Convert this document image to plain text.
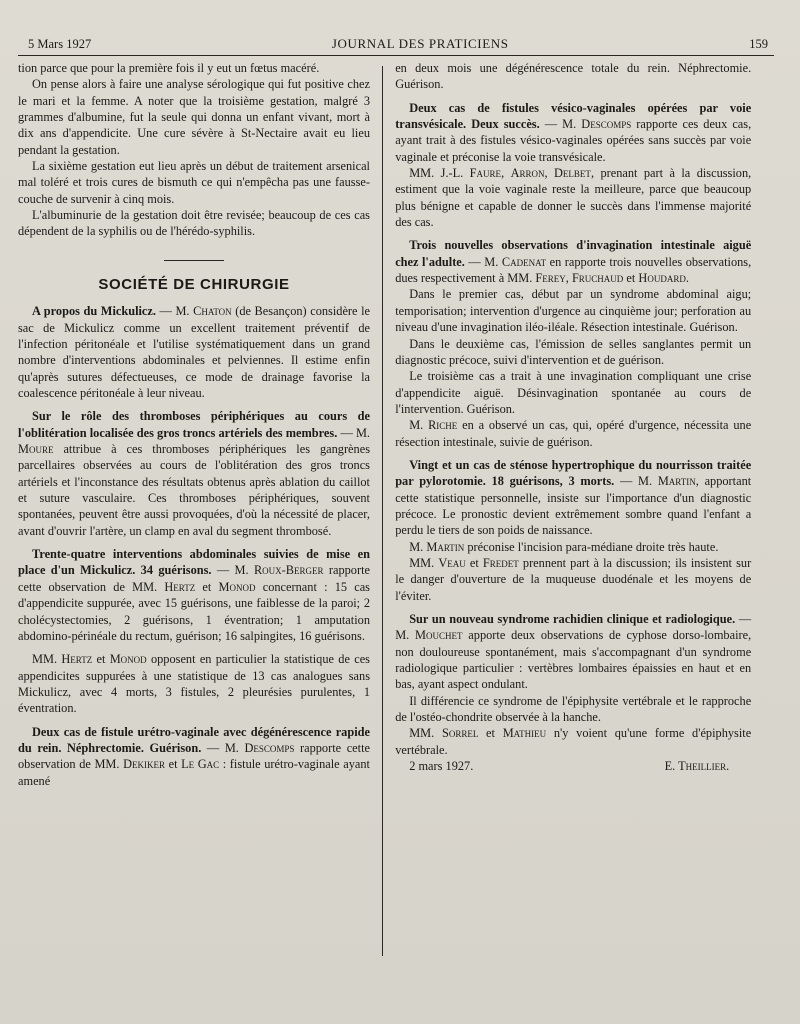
5 Mars 1927	JOURNAL DES PRATICIENS	159

tion parce que pour la première fois il y eut un fœtus macéré.

On pense alors à faire une analyse sérologique qui fut positive chez le mari et la femme. A noter que la troisième gestation, malgré 3 grammes d'albumine, fut la seule qui donna un enfant vivant, mort à dix ans d'appendicite. Une cure sévère à St-Nectaire avait eu lieu pendant la gestation.

La sixième gestation eut lieu après un début de traitement arsenical mal toléré et trois cures de bismuth ce qui n'empêcha pas une fausse-couche de survenir à cinq mois.

L'albuminurie de la gestation doit être revisée; beaucoup de ces cas dépendent de la syphilis ou de l'hérédo-syphilis.

SOCIÉTÉ DE CHIRURGIE

A propos du Mickulicz. — M. Chaton (de Besançon) considère le sac de Mickulicz comme un excellent traitement préventif de l'infection péritonéale et l'utilise systématiquement dans un grand nombre d'interventions abdominales et pelviennes. Il estime enfin qu'après sutures défectueuses, ce mode de drainage favorise la coalescence péritonéale à leur niveau.

Sur le rôle des thromboses périphériques au cours de l'oblitération localisée des gros troncs artériels des membres. — M. Moure attribue à ces thromboses périphériques les gangrènes parcellaires observées au cours de l'oblitération des gros troncs artériels et l'inconstance des résultats obtenus après ablation du caillot et suture vasculaire. Ces thromboses périphériques, souvent spontanées, peuvent être aussi provoquées, d'où la nécessité de placer, avant d'ouvrir l'artère, un clamp en aval du segment thrombosé.

Trente-quatre interventions abdominales suivies de mise en place d'un Mickulicz. 34 guérisons. — M. Roux-Berger rapporte cette observation de MM. Hertz et Monod concernant : 15 cas d'appendicite suppurée, avec 15 guérisons, une faiblesse de la paroi; 2 cholécystectomies, 2 guérisons, 1 éventration; 1 amputation abdomino-périnéale du rectum, guérison; 16 salpingites, 16 guérisons.

MM. Hertz et Monod opposent en particulier la statistique de ces appendicites suppurées à une statistique de 13 cas analogues sans Mickulicz, avec 4 morts, 3 fistules, 2 pleurésies purulentes, 1 éventration.

Deux cas de fistule urétro-vaginale avec dégénérescence rapide du rein. Néphrectomie. Guérison. — M. Descomps rapporte cette observation de MM. Dekiker et Le Gac : fistule urétro-vaginale ayant amené

en deux mois une dégénérescence totale du rein. Néphrectomie. Guérison.

Deux cas de fistules vésico-vaginales opérées par voie transvésicale. Deux succès. — M. Descomps rapporte ces deux cas, ayant trait à des fistules vésico-vaginales opérées sans succès par voie vaginale et préconise la voie transvésicale.

MM. J.-L. Faure, Arron, Delbet, prenant part à la discussion, estiment que la voie vaginale reste la meilleure, parce que beaucoup plus bénigne et capable de donner le succès dans l'immense majorité des cas.

Trois nouvelles observations d'invagination intestinale aiguë chez l'adulte. — M. Cadenat en rapporte trois nouvelles observations, dues respectivement à MM. Ferey, Fruchaud et Houdard.

Dans le premier cas, début par un syndrome abdominal aigu; temporisation; intervention d'urgence au cinquième jour; perforation au niveau d'une invagination iléo-iléale. Résection intestinale. Guérison.

Dans le deuxième cas, l'émission de selles sanglantes permit un diagnostic précoce, suivi d'intervention et de guérison.

Le troisième cas a trait à une invagination compliquant une crise d'appendicite aiguë. Désinvagination spontanée au cours de l'intervention. Guérison.

M. Riche en a observé un cas, qui, opéré d'urgence, nécessita une résection intestinale, suivie de guérison.

Vingt et un cas de sténose hypertrophique du nourrisson traitée par pylorotomie. 18 guérisons, 3 morts. — M. Martin, apportant cette statistique personnelle, insiste sur l'importance d'un diagnostic précoce. Le pronostic devient extrêmement sombre quand l'enfant a perdu le tiers de son poids de naissance.

M. Martin préconise l'incision para-médiane droite très haute.

MM. Veau et Fredet prennent part à la discussion; ils insistent sur le danger d'ouverture de la muqueuse duodénale et les moyens de l'éviter.

Sur un nouveau syndrome rachidien clinique et radiologique. — M. Mouchet apporte deux observations de cyphose dorso-lombaire, non douloureuse spontanément, mais s'accompagnant d'un syndrome radiologique particulier : vertèbres lombaires épaissies en haut et en bas, ayant aspect ondulant.

Il différencie ce syndrome de l'épiphysite vertébrale et le rapproche de l'ostéo-chondrite observée à la hanche.

MM. Sorrel et Mathieu n'y voient qu'une forme d'épiphysite vertébrale.

2 mars 1927.	E. Theillier.
